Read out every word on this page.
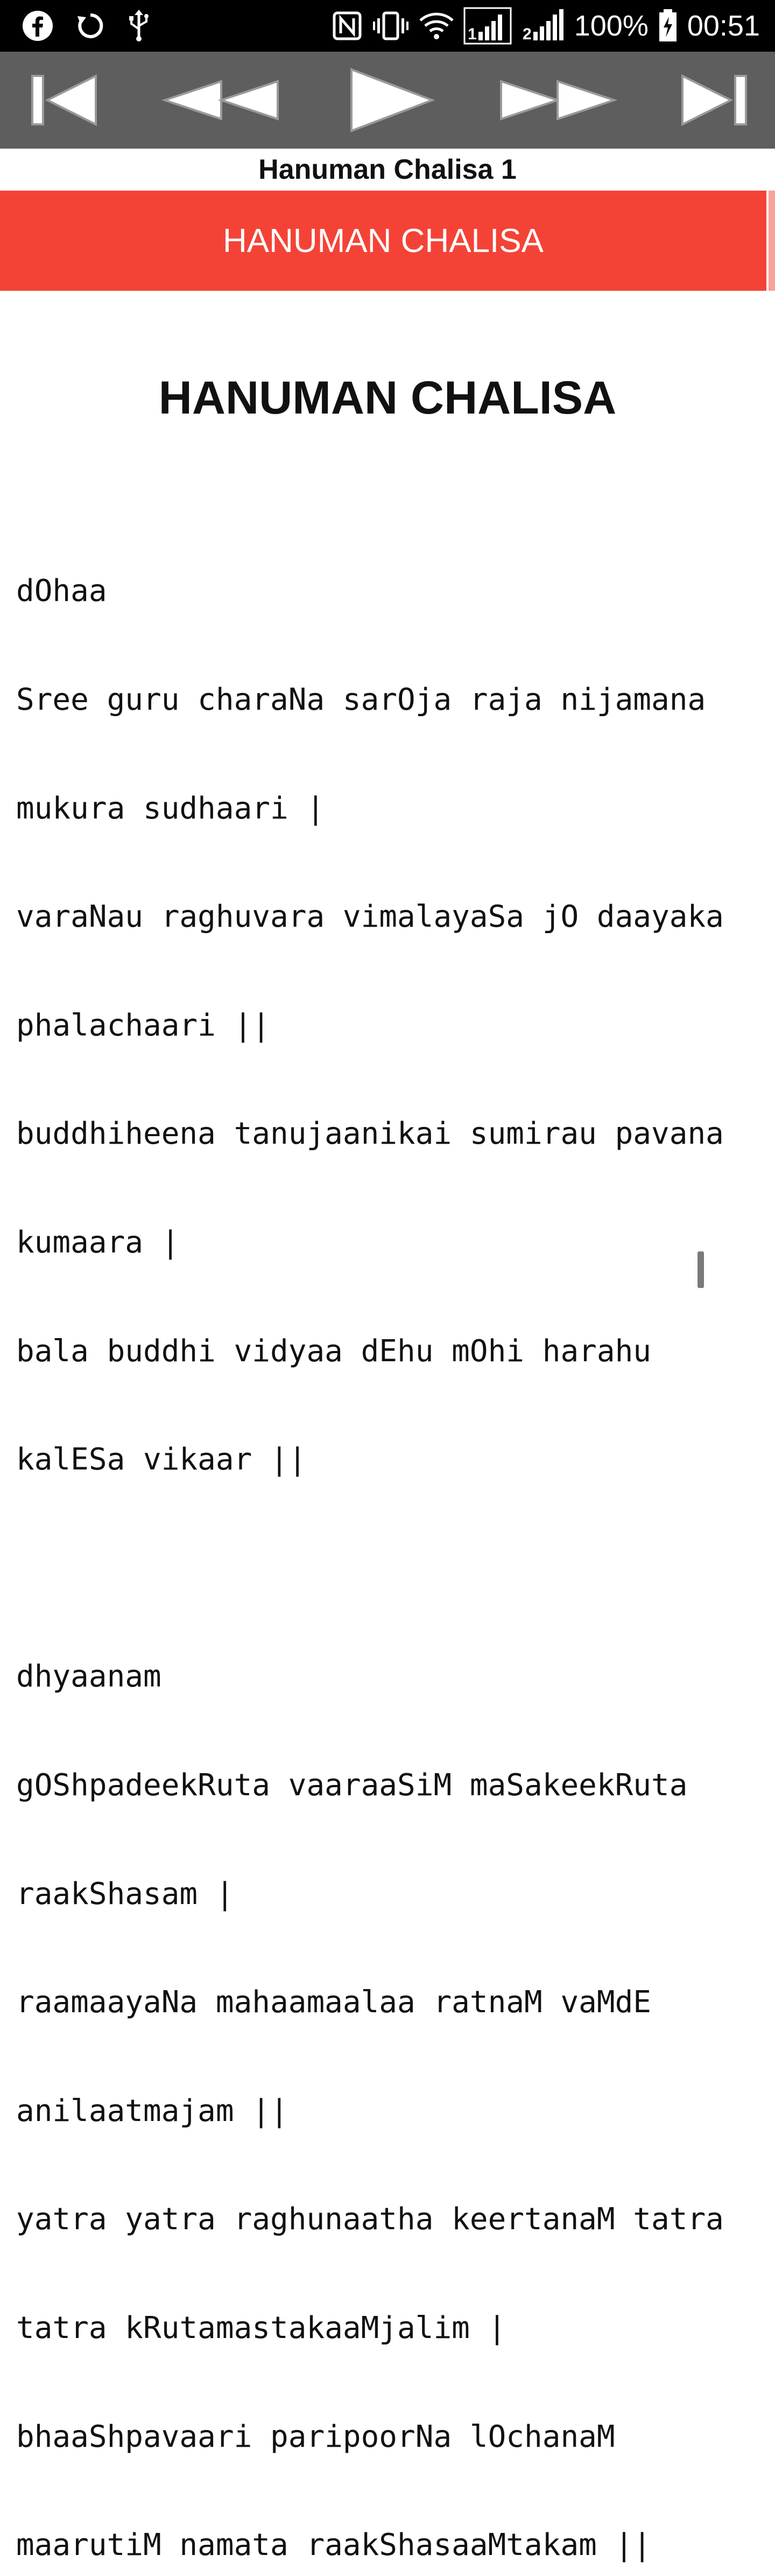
1	2 100% 00:51
Hanuman Chalisa 1
HANUMAN CHALISA
HANUMAN CHALISA

dOhaa

Sree guru charaNa sarOja raja nijamana

mukura sudhaari |

varaNau raghuvara vimalayaSa jO daayaka

phalachaari ||

buddhiheena tanujaanikai sumirau pavana

kumaara |

bala buddhi vidyaa dEhu mOhi harahu

kalESa vikaar ||

dhyaanam

gOShpadeekRuta vaaraaSiM maSakeekRuta

raakShasam |

raamaayaNa mahaamaalaa ratnaM vaMdE

anilaatmajam ||

yatra yatra raghunaatha keertanaM tatra

tatra kRutamastakaaMjalim |

bhaaShpavaari paripoorNa lOchanaM

maarutiM namata raakShasaaMtakam ||
